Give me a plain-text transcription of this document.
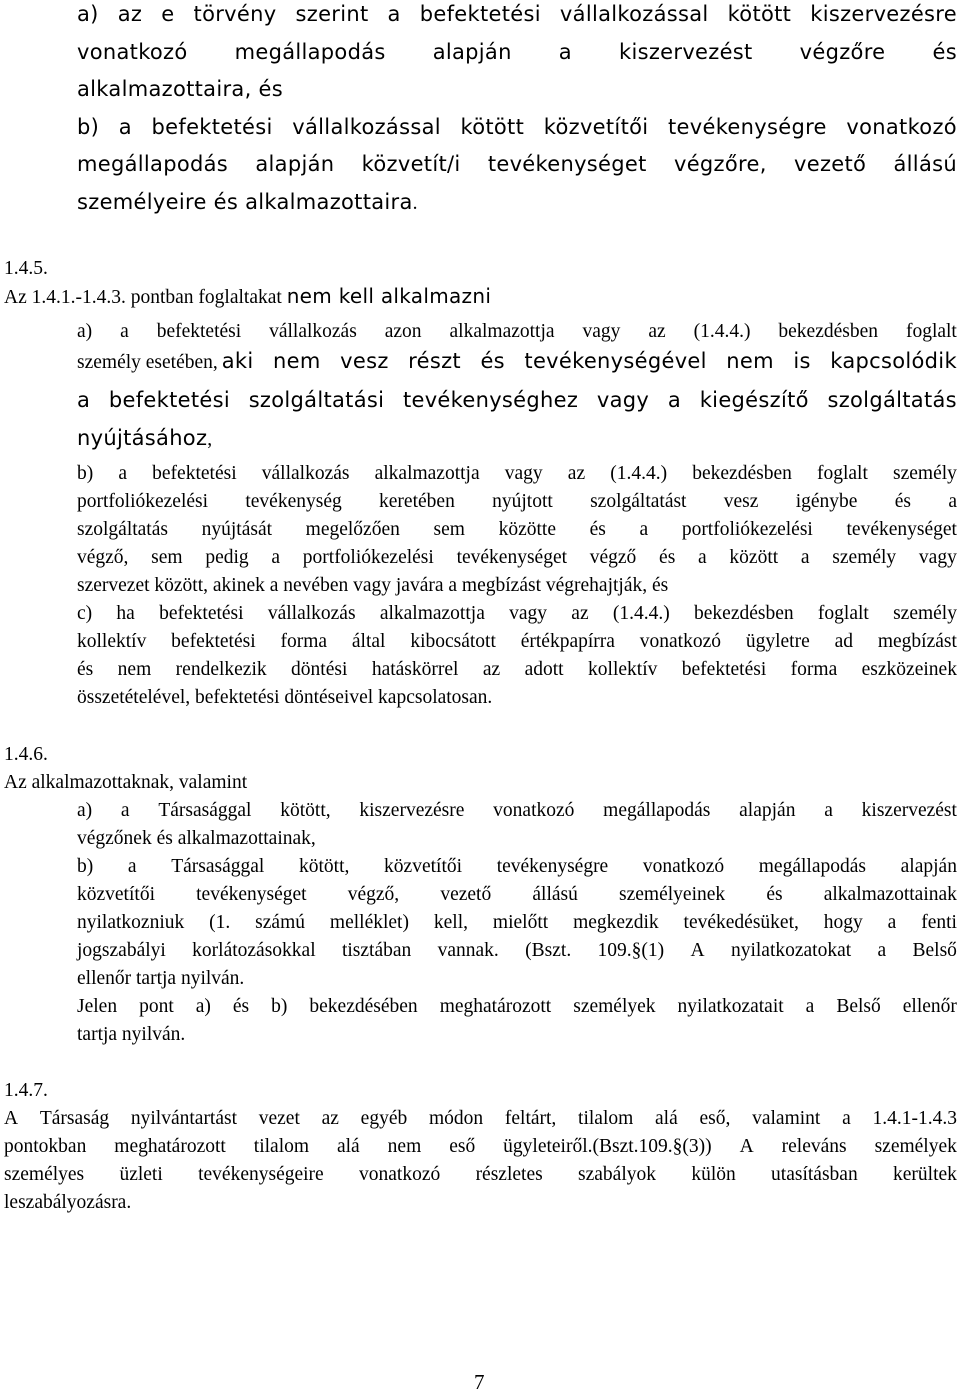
a) az e törvény szerint a befektetési vállalkozással kötött kiszervezésre
vonatkozó megállapodás alapján a kiszervezést végzőre és
alkalmazottaira, és
b) a befektetési vállalkozással kötött közvetítői tevékenységre vonatkozó
megállapodás alapján közvetít/i tevékenységet végzőre, vezető állású
személyeire és alkalmazottaira.
1.4.5.
Az 1.4.1.-1.4.3. pontban foglaltakat nem kell alkalmazni
a) a befektetési vállalkozás azon alkalmazottja vagy az (1.4.4.) bekezdésben foglalt
személy esetében, aki nem vesz részt és tevékenységével nem is kapcsolódik
a befektetési szolgáltatási tevékenységhez vagy a kiegészítő szolgáltatás
nyújtásához,
b) a befektetési vállalkozás alkalmazottja vagy az (1.4.4.) bekezdésben foglalt személy
portfoliókezelési tevékenység keretében nyújtott szolgáltatást vesz igénybe és a
szolgáltatás nyújtását megelőzően sem közötte és a portfoliókezelési tevékenységet
végző, sem pedig a portfoliókezelési tevékenységet végző és a között a személy vagy
szervezet között, akinek a nevében vagy javára a megbízást végrehajtják, és
c) ha befektetési vállalkozás alkalmazottja vagy az (1.4.4.) bekezdésben foglalt személy
kollektív befektetési forma által kibocsátott értékpapírra vonatkozó ügyletre ad megbízást
és nem rendelkezik döntési hatáskörrel az adott kollektív befektetési forma eszközeinek
összetételével, befektetési döntéseivel kapcsolatosan.
1.4.6.
Az alkalmazottaknak, valamint
a) a Társasággal kötött, kiszervezésre vonatkozó megállapodás alapján a kiszervezést
végzőnek és alkalmazottainak,
b) a Társasággal kötött, közvetítői tevékenységre vonatkozó megállapodás alapján
közvetítői tevékenységet végző, vezető állású személyeinek és alkalmazottainak
nyilatkozniuk (1. számú melléklet) kell, mielőtt megkezdik tevékedésüket, hogy a fenti
jogszabályi korlátozásokkal tisztában vannak. (Bszt. 109.§(1) A nyilatkozatokat a Belső
ellenőr tartja nyilván.
Jelen pont a) és b) bekezdésében meghatározott személyek nyilatkozatait a Belső ellenőr
tartja nyilván.
1.4.7.
A Társaság nyilvántartást vezet az egyéb módon feltárt, tilalom alá eső, valamint a 1.4.1-1.4.3
pontokban meghatározott tilalom alá nem eső ügyleteiről.(Bszt.109.§(3)) A releváns személyek
személyes üzleti tevékenységeire vonatkozó részletes szabályok külön utasításban kerültek
leszabályozásra.
7
